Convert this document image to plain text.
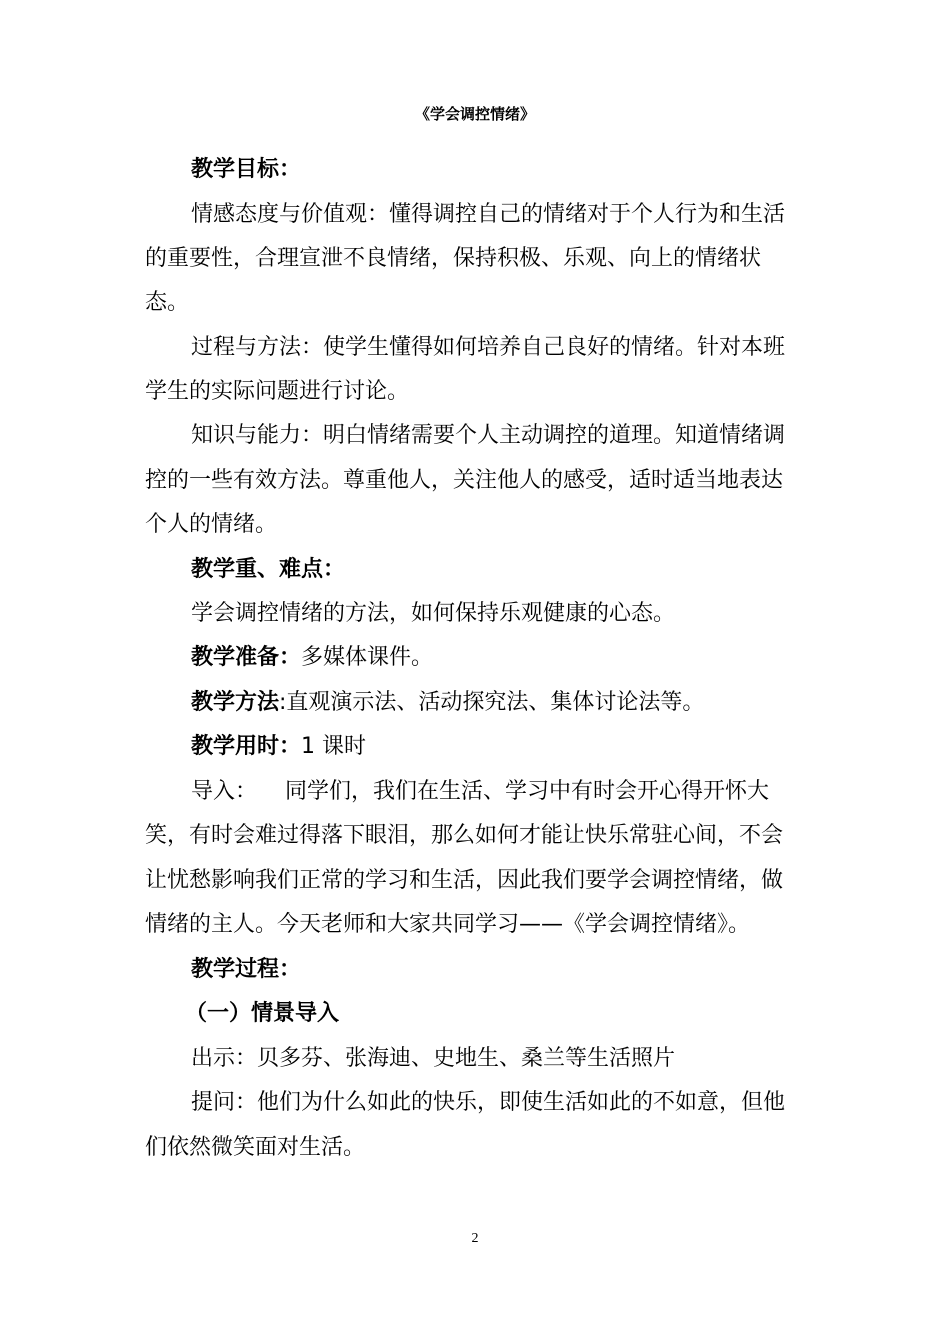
《学会调控情绪》
教学目标：
情感态度与价值观：懂得调控自己的情绪对于个人行为和生活
的重要性，合理宣泄不良情绪，保持积极、乐观、向上的情绪状
态。
过程与方法：使学生懂得如何培养自己良好的情绪。针对本班
学生的实际问题进行讨论。
知识与能力：明白情绪需要个人主动调控的道理。知道情绪调
控的一些有效方法。尊重他人，关注他人的感受，适时适当地表达
个人的情绪。
教学重、难点：
学会调控情绪的方法，如何保持乐观健康的心态。
教学准备：多媒体课件。
教学方法:直观演示法、活动探究法、集体讨论法等。
教学用时：1 课时
导入：    同学们，我们在生活、学习中有时会开心得开怀大
笑，有时会难过得落下眼泪，那么如何才能让快乐常驻心间，不会
让忧愁影响我们正常的学习和生活，因此我们要学会调控情绪，做
情绪的主人。今天老师和大家共同学习——《学会调控情绪》。
教学过程：
（一）情景导入
出示：贝多芬、张海迪、史地生、桑兰等生活照片
提问：他们为什么如此的快乐，即使生活如此的不如意，但他
们依然微笑面对生活。
2
